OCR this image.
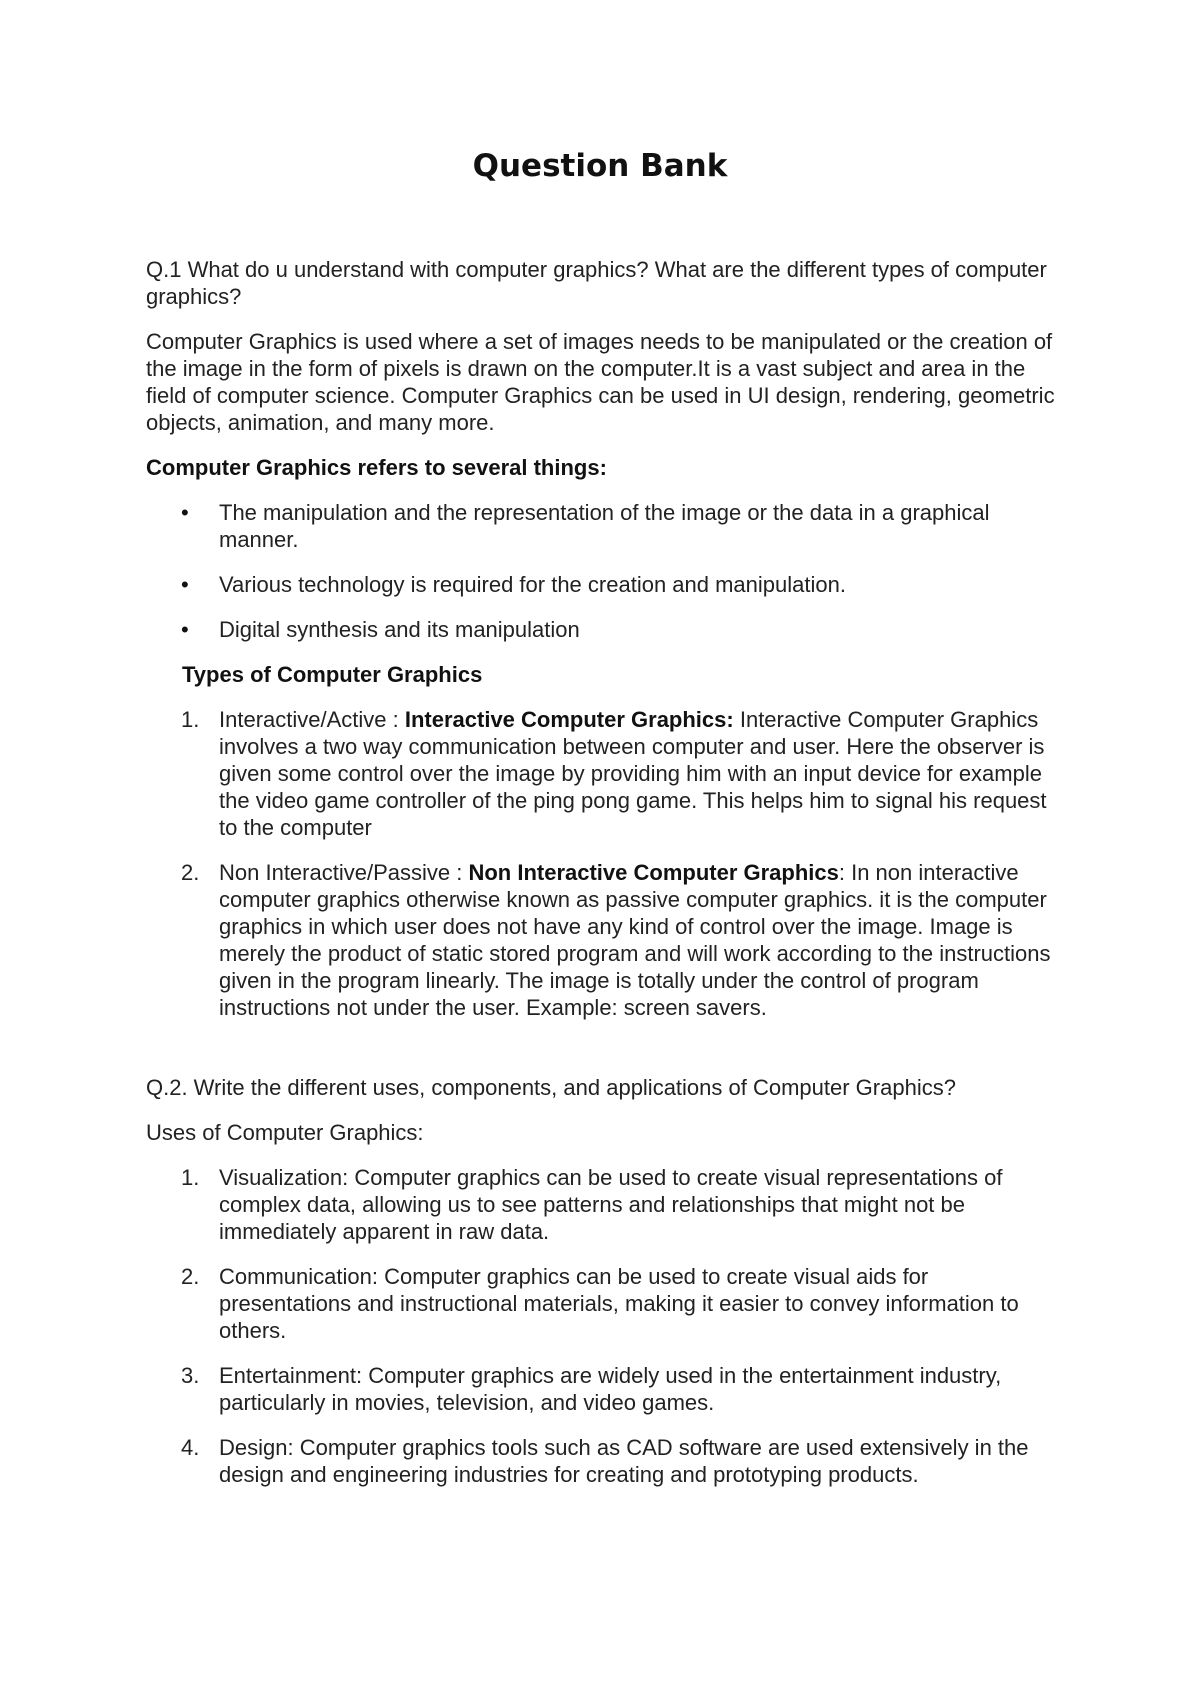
Question Bank

Q.1 What do u understand with computer graphics? What are the different types of computer graphics?

Computer Graphics is used where a set of images needs to be manipulated or the creation of the image in the form of pixels is drawn on the computer.It is a vast subject and area in the field of computer science. Computer Graphics can be used in UI design, rendering, geometric objects, animation, and many more.

Computer Graphics refers to several things:

• The manipulation and the representation of the image or the data in a graphical manner.
• Various technology is required for the creation and manipulation.
• Digital synthesis and its manipulation

Types of Computer Graphics

1. Interactive/Active : Interactive Computer Graphics: Interactive Computer Graphics involves a two way communication between computer and user. Here the observer is given some control over the image by providing him with an input device for example the video game controller of the ping pong game. This helps him to signal his request to the computer
2. Non Interactive/Passive : Non Interactive Computer Graphics: In non interactive computer graphics otherwise known as passive computer graphics. it is the computer graphics in which user does not have any kind of control over the image. Image is merely the product of static stored program and will work according to the instructions given in the program linearly. The image is totally under the control of program instructions not under the user. Example: screen savers.

Q.2. Write the different uses, components, and applications of Computer Graphics?

Uses of Computer Graphics:

1. Visualization: Computer graphics can be used to create visual representations of complex data, allowing us to see patterns and relationships that might not be immediately apparent in raw data.
2. Communication: Computer graphics can be used to create visual aids for presentations and instructional materials, making it easier to convey information to others.
3. Entertainment: Computer graphics are widely used in the entertainment industry, particularly in movies, television, and video games.
4. Design: Computer graphics tools such as CAD software are used extensively in the design and engineering industries for creating and prototyping products.
